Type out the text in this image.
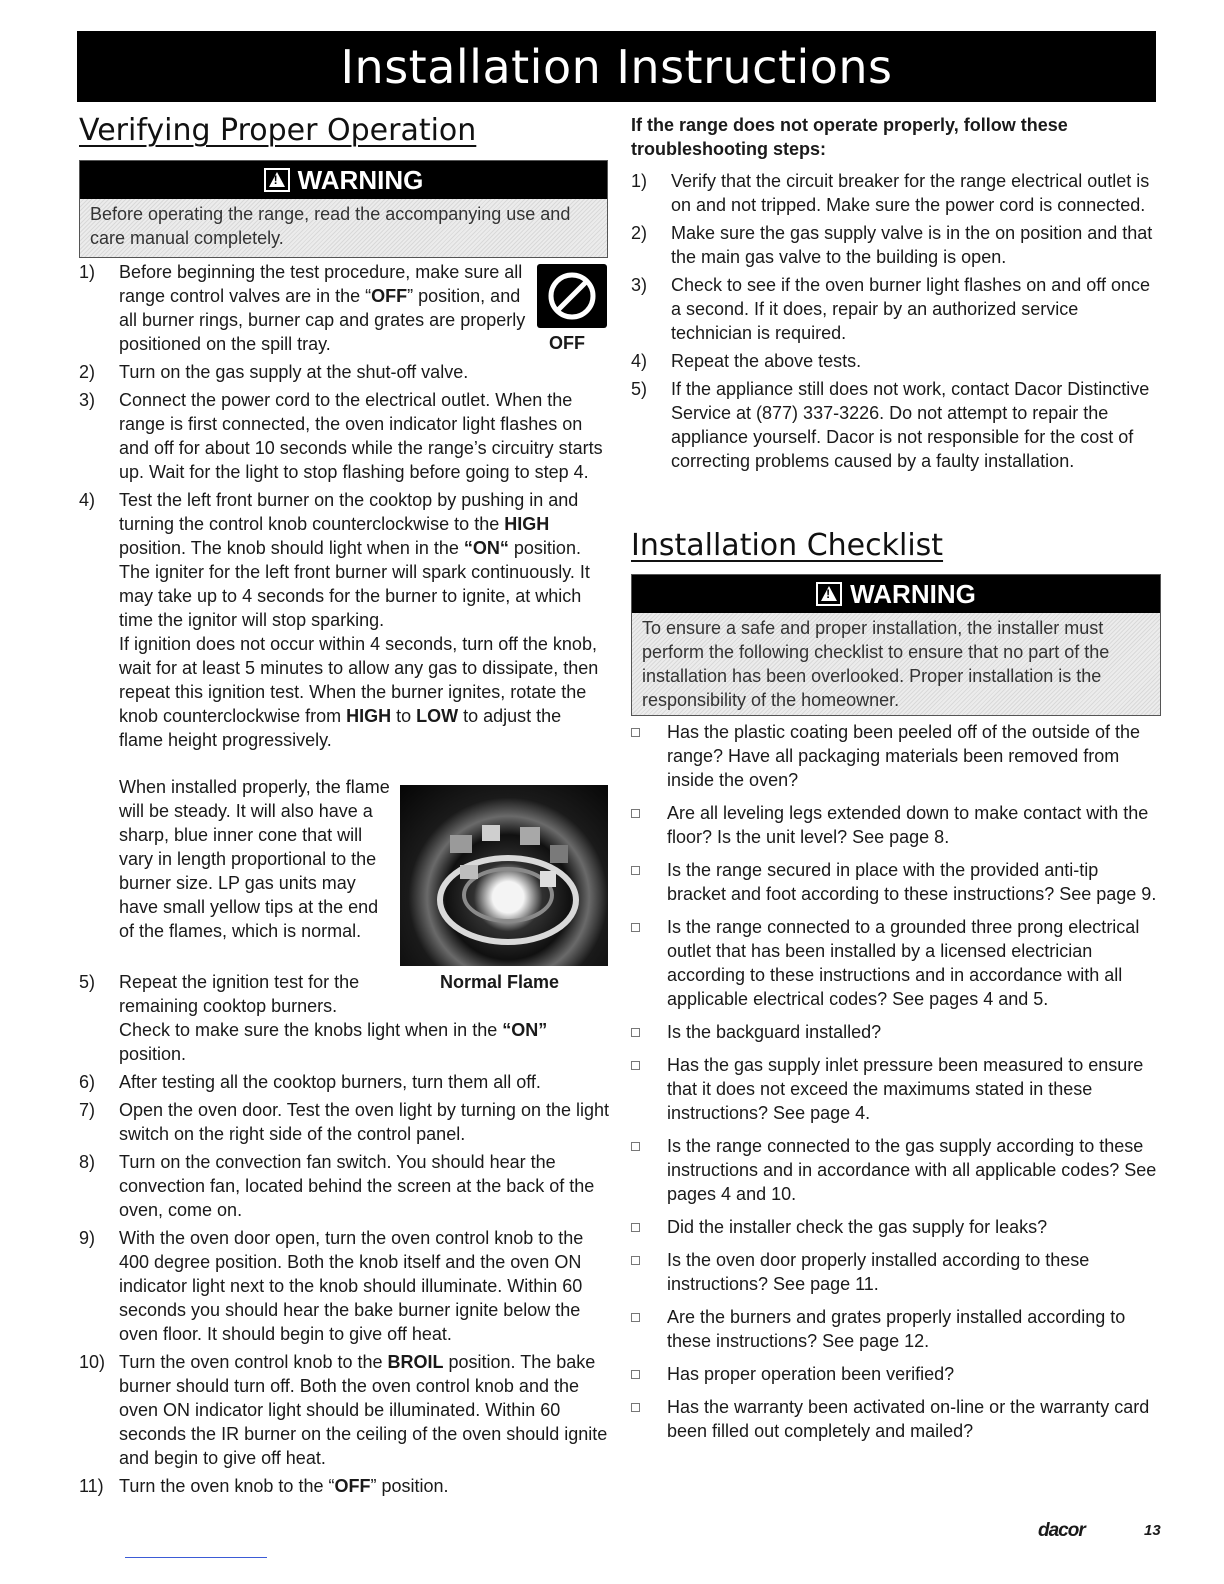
Installation Instructions
Verifying Proper Operation
!
WARNING
Before operating the range, read the accompanying use and care manual completely.
OFF
Normal Flame
1) Before beginning the test procedure, make sure all range control valves are in the “OFF” position, and all burner rings, burner cap and grates are properly positioned on the spill tray.
2) Turn on the gas supply at the shut-off valve.
3) Connect the power cord to the electrical outlet. When the range is first connected, the oven indicator light flashes on and off for about 10 seconds while the range’s circuitry starts up. Wait for the light to stop flashing before going to step 4.
4) Test the left front burner on the cooktop by pushing in and turning the control knob counterclockwise to the HIGH position. The knob should light when in the “ON“ position. The igniter for the left front burner will spark continuously. It may take up to 4 seconds for the burner to ignite, at which time the ignitor will stop sparking.
If ignition does not occur within 4 seconds, turn off the knob, wait for at least 5 minutes to allow any gas to dissipate, then repeat this ignition test. When the burner ignites, rotate the knob counterclockwise from HIGH to LOW to adjust the flame height progressively.
When installed properly, the flame will be steady. It will also have a sharp, blue inner cone that will vary in length proportional to the burner size. LP gas units may have small yellow tips at the end of the flames, which is normal.
5) Repeat the ignition test for the remaining cooktop burners.
Check to make sure the knobs light when in the “ON” position.
6) After testing all the cooktop burners, turn them all off.
7) Open the oven door. Test the oven light by turning on the light switch on the right side of the control panel.
8) Turn on the convection fan switch. You should hear the convection fan, located behind the screen at the back of the oven, come on.
9) With the oven door open, turn the oven control knob to the 400 degree position. Both the knob itself and the oven ON indicator light next to the knob should illuminate. Within 60 seconds you should hear the bake burner ignite below the oven floor. It should begin to give off heat.
10) Turn the oven control knob to the BROIL position. The bake burner should turn off. Both the oven control knob and the oven ON indicator light should be illuminated. Within 60 seconds the IR burner on the ceiling of the oven should ignite and begin to give off heat.
11) Turn the oven knob to the “OFF” position.
If the range does not operate properly, follow these troubleshooting steps:
1) Verify that the circuit breaker for the range electrical outlet is on and not tripped. Make sure the power cord is connected.
2) Make sure the gas supply valve is in the on position and that the main gas valve to the building is open.
3) Check to see if the oven burner light flashes on and off once a second. If it does, repair by an authorized service technician is required.
4) Repeat the above tests.
5) If the appliance still does not work, contact Dacor Distinctive Service at (877) 337-3226. Do not attempt to repair the appliance yourself. Dacor is not responsible for the cost of correcting problems caused by a faulty installation.
Installation Checklist
!
WARNING
To ensure a safe and proper installation, the installer must perform the following checklist to ensure that no part of the installation has been overlooked. Proper installation is the responsibility of the homeowner.
Has the plastic coating been peeled off of the outside of the range? Have all packaging materials been removed from inside the oven?
Are all leveling legs extended down to make contact with the floor? Is the unit level? See page 8.
Is the range secured in place with the provided anti-tip bracket and foot according to these instructions? See page 9.
Is the range connected to a grounded three prong electrical outlet that has been installed by a licensed electrician according to these instructions and in accordance with all applicable electrical codes? See pages 4 and 5.
Is the backguard installed?
Has the gas supply inlet pressure been measured to ensure that it does not exceed the maximums stated in these instructions? See page 4.
Is the range connected to the gas supply according to these instructions and in accordance with all applicable codes? See pages 4 and 10.
Did the installer check the gas supply for leaks?
Is the oven door properly installed according to these instructions? See page 11.
Are the burners and grates properly installed according to these instructions? See page 12.
Has proper operation been verified?
Has the warranty been activated on-line or the warranty card been filled out completely and mailed?
dacor	13
